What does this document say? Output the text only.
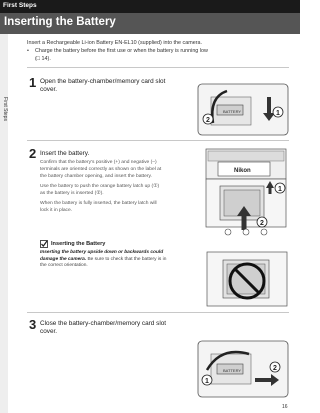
First Steps
Inserting the Battery
First Steps
Insert a Rechargeable Li-ion Battery EN-EL10 (supplied) into the camera.
• Charge the battery before the first use or when the battery is running low
(□ 14).
1 Open the battery-chamber/memory card slot
cover.
BATTERY	1
2
2 Insert the battery.
Confirm that the battery's positive (+) and negative (–)
terminals are oriented correctly as shown on the label at
the battery chamber opening, and insert the battery.
Use the battery to push the orange battery latch up (①)
as the battery is inserted (②).
When the battery is fully inserted, the battery latch will
lock it in place.
Nikon
1
2
Inserting the Battery
Inserting the battery upside down or backwards could
damage the camera. Be sure to check that the battery is in
the correct orientation.
3 Close the battery-chamber/memory card slot
cover.
BATTERY	2
1
16
